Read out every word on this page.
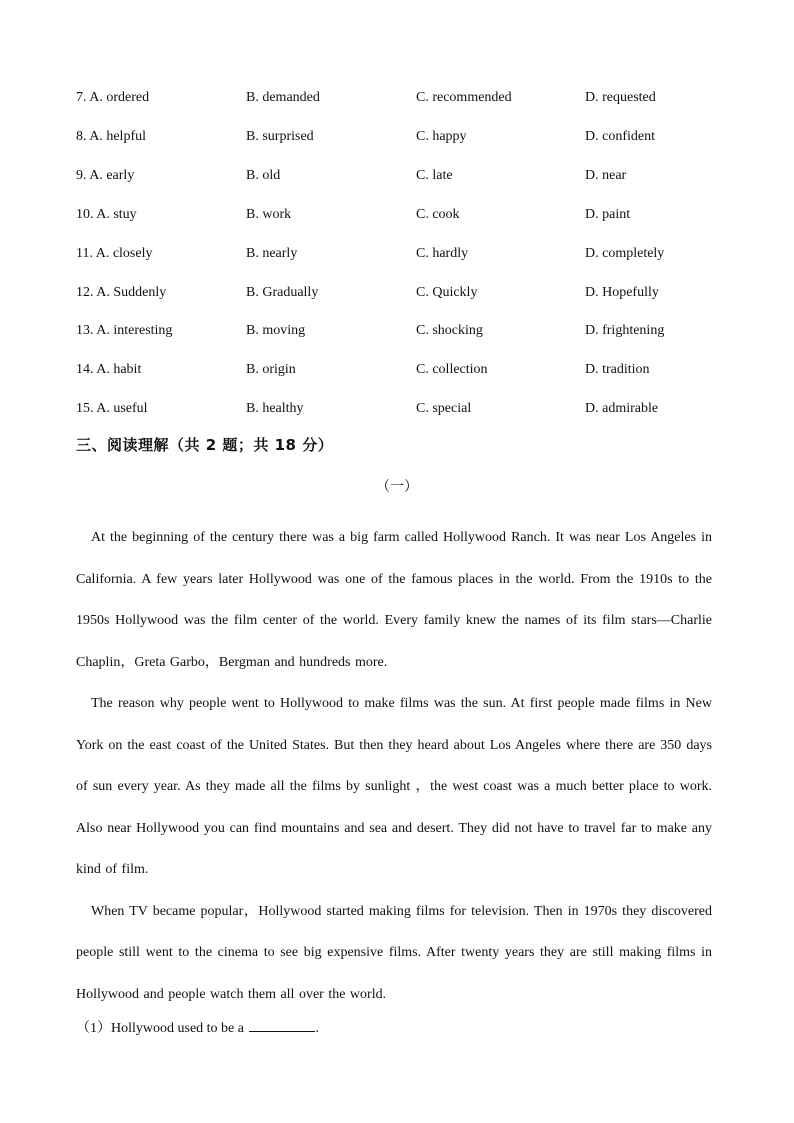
7. A. ordered	B. demanded	C. recommended	D. requested
8. A. helpful	B. surprised	C. happy	D. confident
9. A. early	B. old	C. late	D. near
10. A. stuy	B. work	C. cook	D. paint
11. A. closely	B. nearly	C. hardly	D. completely
12. A. Suddenly	B. Gradually	C. Quickly	D. Hopefully
13. A. interesting	B. moving	C. shocking	D. frightening
14. A. habit	B. origin	C. collection	D. tradition
15. A. useful	B. healthy	C. special	D. admirable
三、阅读理解（共 2 题；共 18 分）
（一）

At the beginning of the century there was a big farm called Hollywood Ranch. It was near Los Angeles in California. A few years later Hollywood was one of the famous places in the world. From the 1910s to the 1950s Hollywood was the film center of the world. Every family knew the names of its film stars—Charlie Chaplin，Greta Garbo，Bergman and hundreds more.

The reason why people went to Hollywood to make films was the sun. At first people made films in New York on the east coast of the United States. But then they heard about Los Angeles where there are 350 days of sun every year. As they made all the films by sunlight ，the west coast was a much better place to work. Also near Hollywood you can find mountains and sea and desert. They did not have to travel far to make any kind of film.

When TV became popular，Hollywood started making films for television. Then in 1970s they discovered people still went to the cinema to see big expensive films. After twenty years they are still making films in Hollywood and people watch them all over the world.

（1）Hollywood used to be a	.
